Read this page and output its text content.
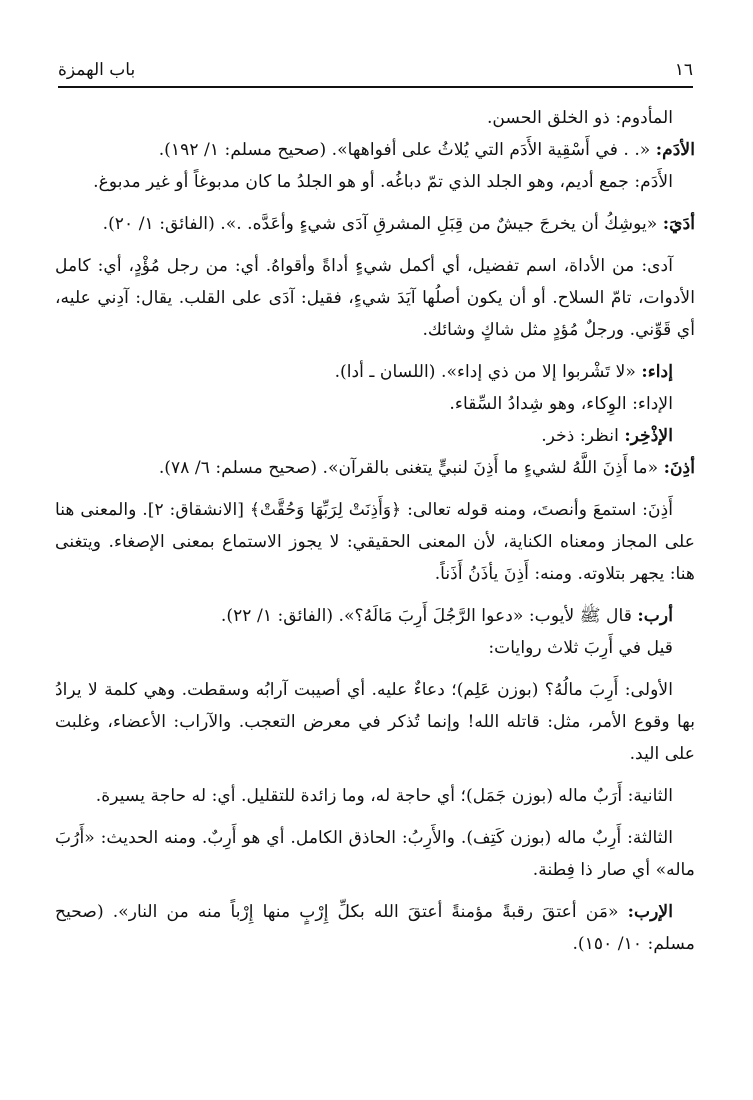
١٦
باب الهمزة

المأدوم: ذو الخلق الحسن.

الأدَم: «. . في أَسْقِية الأَدَم التي يُلاثُ على أفواهها». (صحيح مسلم: ١/ ١٩٢).

الأَدَم: جمع أديم، وهو الجلد الذي تمّ دباغُه. أو هو الجلدُ ما كان مدبوغاً أو غير مدبوغ.

أدَيَ: «يوشِكُ أن يخرجَ جيشٌ من قِبَلِ المشرقِ آدَى شيءٍ وأعَدَّه. .». (الفائق: ١/ ٢٠).

آدى: من الأداة، اسم تفضيل، أي أكمل شيءٍ أداةً وأقواهُ. أي: من رجل مُؤْدٍ، أي: كامل الأدوات، تامّ السلاح. أو أن يكون أصلُها آيَدَ شيءٍ، فقيل: آدَى على القلب. يقال: آدِني عليه، أي قَوِّني. ورجلٌ مُؤدٍ مثل شاكٍ وشائك.

إداء: «لا تَشْربوا إلا من ذي إداء». (اللسان ـ أدا).

الإداء: الوِكاء، وهو شِدادُ السِّقاء.

الإذْخِر: انظر: ذخر.

أذِنَ: «ما أَذِنَ اللَّهُ لشيءٍ ما أَذِنَ لنبيٍّ يتغنى بالقرآن». (صحيح مسلم: ٦/ ٧٨).

أَذِنَ: استمعَ وأنصتَ، ومنه قوله تعالى: ﴿وَأَذِنَتْ لِرَبِّهَا وَحُقَّتْ﴾ [الانشقاق: ٢]. والمعنى هنا على المجاز ومعناه الكناية، لأن المعنى الحقيقي: لا يجوز الاستماع بمعنى الإصغاء. ويتغنى هنا: يجهر بتلاوته. ومنه: أَذِنَ يأذَنُ أَذَناً.

أرب: قال ﷺ لأيوب: «دعوا الرَّجُلَ أَرِبَ مَالَهُ؟». (الفائق: ١/ ٢٢).

قيل في أَرِبَ ثلاث روايات:

الأولى: أَرِبَ مالُهُ؟ (بوزن عَلِم)؛ دعاءٌ عليه. أي أصيبت آرابُه وسقطت. وهي كلمة لا يرادُ بها وقوع الأمر، مثل: قاتله الله! وإنما تُذكر في معرض التعجب. والآراب: الأعضاء، وغلبت على اليد.

الثانية: أَرَبٌ ماله (بوزن جَمَل)؛ أي حاجة له، وما زائدة للتقليل. أي: له حاجة يسيرة.

الثالثة: أَرِبٌ ماله (بوزن كَتِف). والأَرِبُ: الحاذق الكامل. أي هو أَرِبٌ. ومنه الحديث: «أَرُبَ ماله» أي صار ذا فِطنة.

الإرب: «مَن أعتقَ رقبةً مؤمنةً أعتقَ الله بكلِّ إِرْبٍ منها إِرْباً منه من النار». (صحيح مسلم: ١٠/ ١٥٠).
